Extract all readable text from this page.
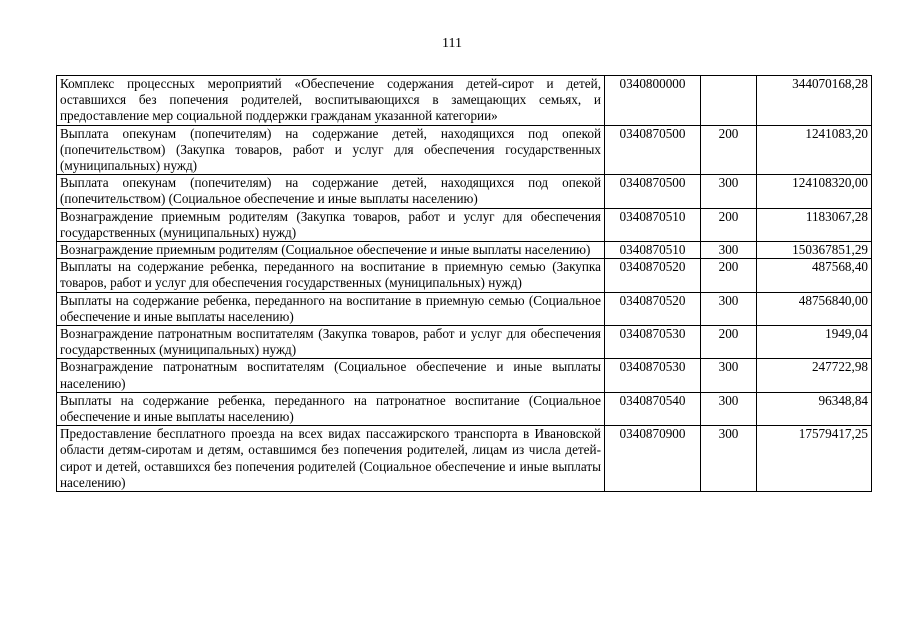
111
Комплекс процессных мероприятий «Обеспечение содержания детей-сирот и детей, оставшихся без попечения родителей, воспитывающихся в замещающих семьях, и предоставление мер социальной поддержки гражданам указанной категории»	0340800000		344070168,28
Выплата опекунам (попечителям) на содержание детей, находящихся под опекой (попечительством) (Закупка товаров, работ и услуг для обеспечения государственных (муниципальных) нужд)	0340870500	200	1241083,20
Выплата опекунам (попечителям) на содержание детей, находящихся под опекой (попечительством) (Социальное обеспечение и иные выплаты населению)	0340870500	300	124108320,00
Вознаграждение приемным родителям (Закупка товаров, работ и услуг для обеспечения государственных (муниципальных) нужд)	0340870510	200	1183067,28
Вознаграждение приемным родителям (Социальное обеспечение и иные выплаты населению)	0340870510	300	150367851,29
Выплаты на содержание ребенка, переданного на воспитание в приемную семью (Закупка товаров, работ и услуг для обеспечения государственных (муниципальных) нужд)	0340870520	200	487568,40
Выплаты на содержание ребенка, переданного на воспитание в приемную семью (Социальное обеспечение и иные выплаты населению)	0340870520	300	48756840,00
Вознаграждение патронатным воспитателям (Закупка товаров, работ и услуг для обеспечения государственных (муниципальных) нужд)	0340870530	200	1949,04
Вознаграждение патронатным воспитателям (Социальное обеспечение и иные выплаты населению)	0340870530	300	247722,98
Выплаты на содержание ребенка, переданного на патронатное воспитание (Социальное обеспечение и иные выплаты населению)	0340870540	300	96348,84
Предоставление бесплатного проезда на всех видах пассажирского транспорта в Ивановской области детям-сиротам и детям, оставшимся без попечения родителей, лицам из числа детей-сирот и детей, оставшихся без попечения родителей (Социальное обеспечение и иные выплаты населению)	0340870900	300	17579417,25
